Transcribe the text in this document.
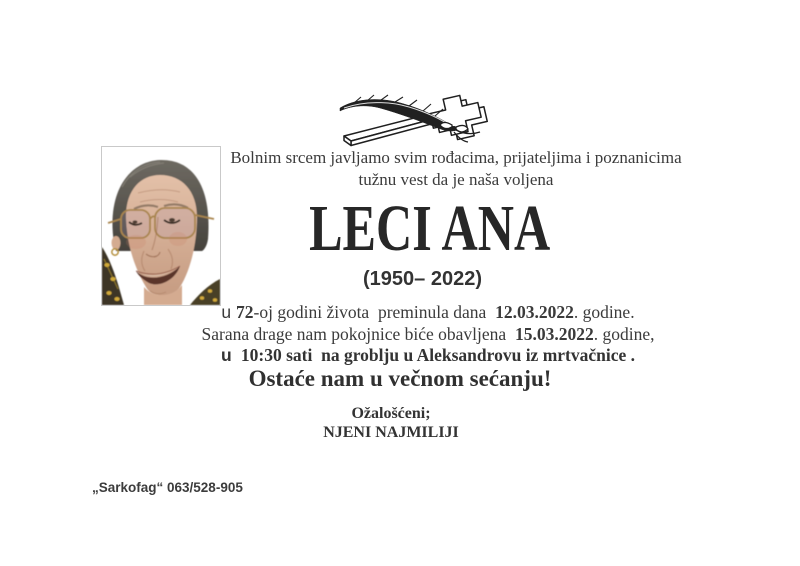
Bolnim srcem javljamo svim rođacima, prijateljima i poznanicima
tužnu vest da je naša voljena
LECI ANA
(1950– 2022)
u 72-oj godini života  preminula dana  12.03.2022. godine.
Sarana drage nam pokojnice biće obavljena  15.03.2022. godine,
u  10:30 sati  na groblju u Aleksandrovu iz mrtvačnice .
Ostaće nam u večnom sećanju!
Ožalošćeni;
NJENI NAJMILIJI
„Sarkofag“ 063/528-905
